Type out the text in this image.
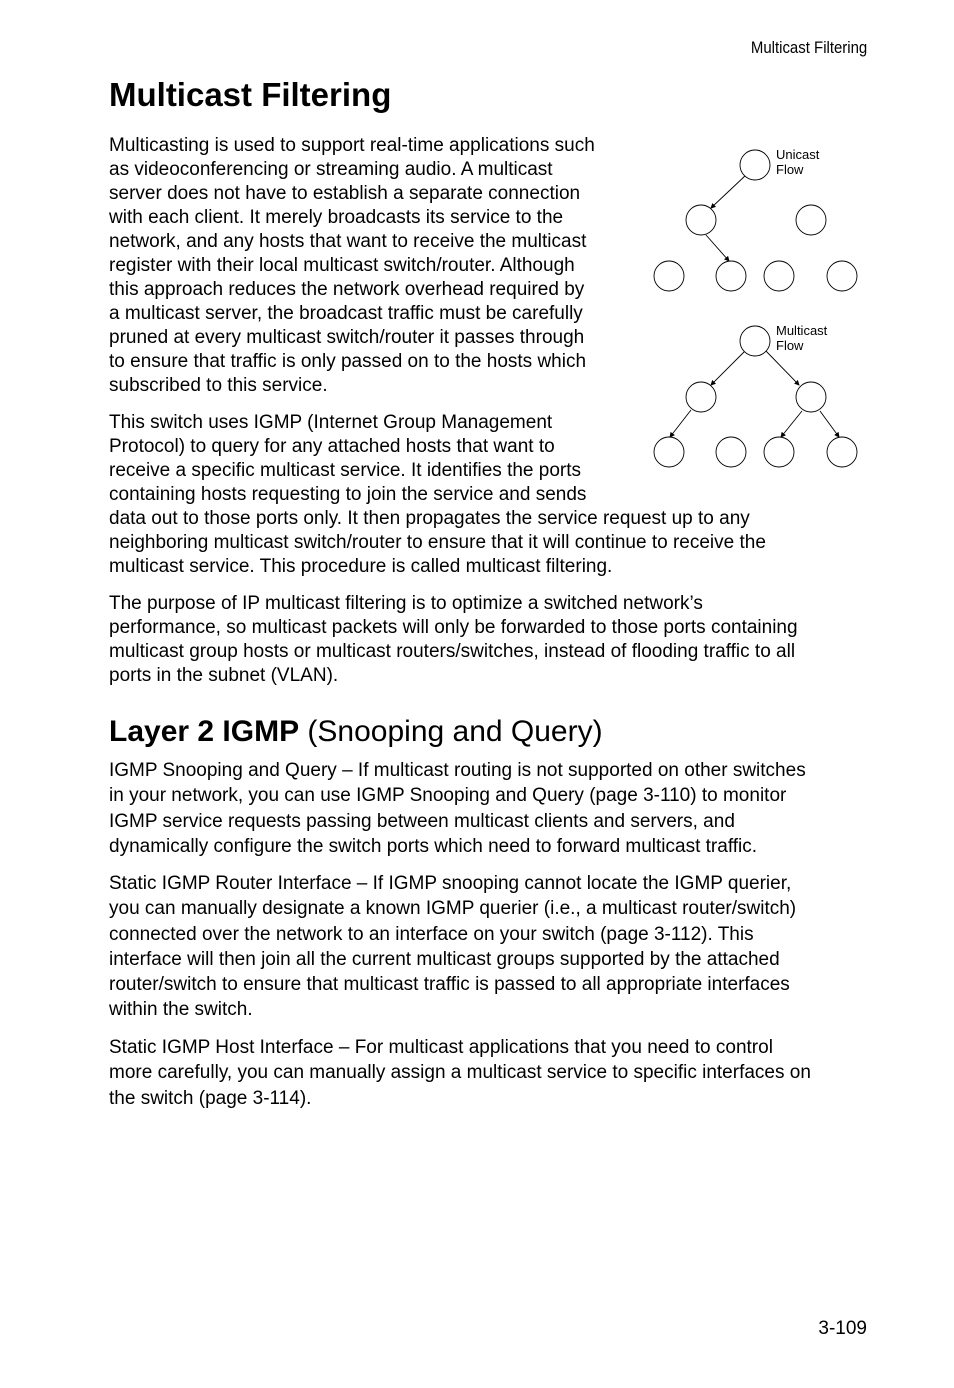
Multicast Filtering
Multicast Filtering

Multicasting is used to support real-time applications such
as videoconferencing or streaming audio. A multicast
server does not have to establish a separate connection
with each client. It merely broadcasts its service to the
network, and any hosts that want to receive the multicast
register with their local multicast switch/router. Although
this approach reduces the network overhead required by
a multicast server, the broadcast traffic must be carefully
pruned at every multicast switch/router it passes through
to ensure that traffic is only passed on to the hosts which
subscribed to this service.

This switch uses IGMP (Internet Group Management
Protocol) to query for any attached hosts that want to
receive a specific multicast service. It identifies the ports
containing hosts requesting to join the service and sends
data out to those ports only. It then propagates the service request up to any
neighboring multicast switch/router to ensure that it will continue to receive the
multicast service. This procedure is called multicast filtering.

The purpose of IP multicast filtering is to optimize a switched network’s
performance, so multicast packets will only be forwarded to those ports containing
multicast group hosts or multicast routers/switches, instead of flooding traffic to all
ports in the subnet (VLAN).

Unicast
Flow
Multicast
Flow
Layer 2 IGMP (Snooping and Query)

IGMP Snooping and Query – If multicast routing is not supported on other switches
in your network, you can use IGMP Snooping and Query (page 3-110) to monitor
IGMP service requests passing between multicast clients and servers, and
dynamically configure the switch ports which need to forward multicast traffic.

Static IGMP Router Interface – If IGMP snooping cannot locate the IGMP querier,
you can manually designate a known IGMP querier (i.e., a multicast router/switch)
connected over the network to an interface on your switch (page 3-112). This
interface will then join all the current multicast groups supported by the attached
router/switch to ensure that multicast traffic is passed to all appropriate interfaces
within the switch.

Static IGMP Host Interface – For multicast applications that you need to control
more carefully, you can manually assign a multicast service to specific interfaces on
the switch (page 3-114).

3-109
